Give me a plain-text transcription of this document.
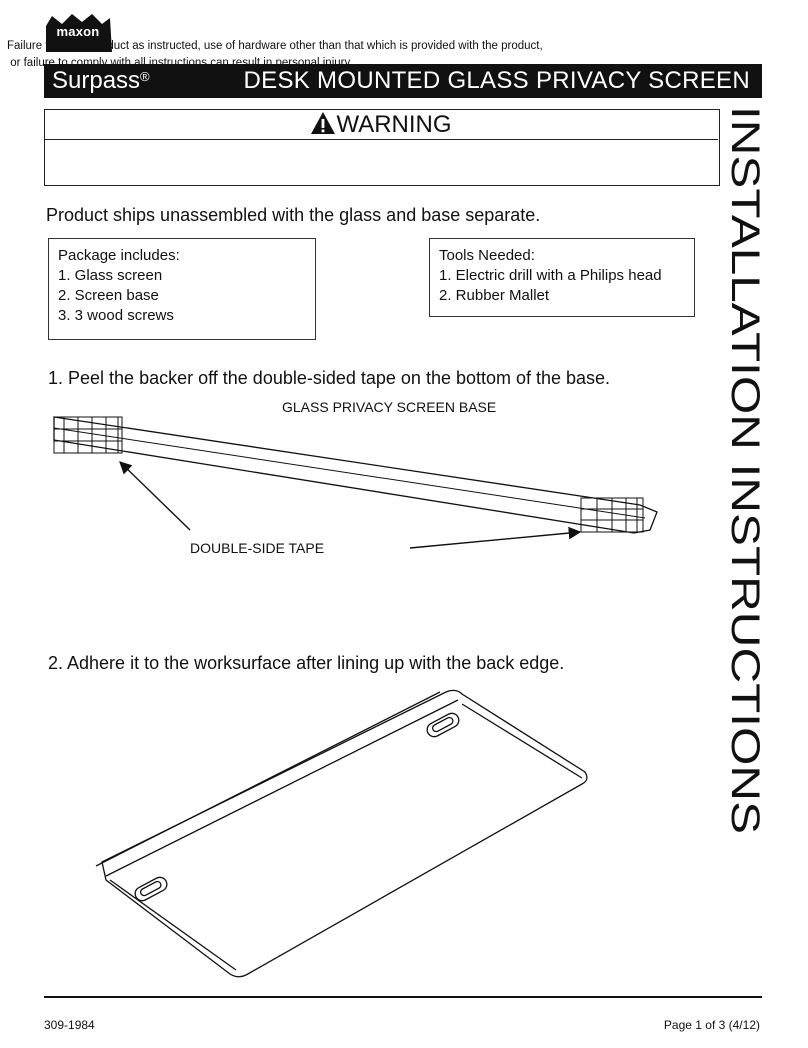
maxon
Surpass®	DESK MOUNTED GLASS PRIVACY SCREEN
WARNING
Failure to install product as instructed, use of hardware other than that which is provided with the product,
or failure to comply with all instructions can result in personal injury.
INSTALLATION INSTRUCTIONS
Product ships unassembled with the glass and base separate.
Package includes:
1. Glass screen
2. Screen base
3. 3 wood screws
Tools Needed:
1. Electric drill with a Philips head
2. Rubber Mallet
1. Peel the backer off the double-sided tape on the bottom of the base.
GLASS PRIVACY SCREEN BASE
DOUBLE-SIDE TAPE
2. Adhere it to the worksurface after lining up with the back edge.
309-1984	Page 1 of 3 (4/12)
